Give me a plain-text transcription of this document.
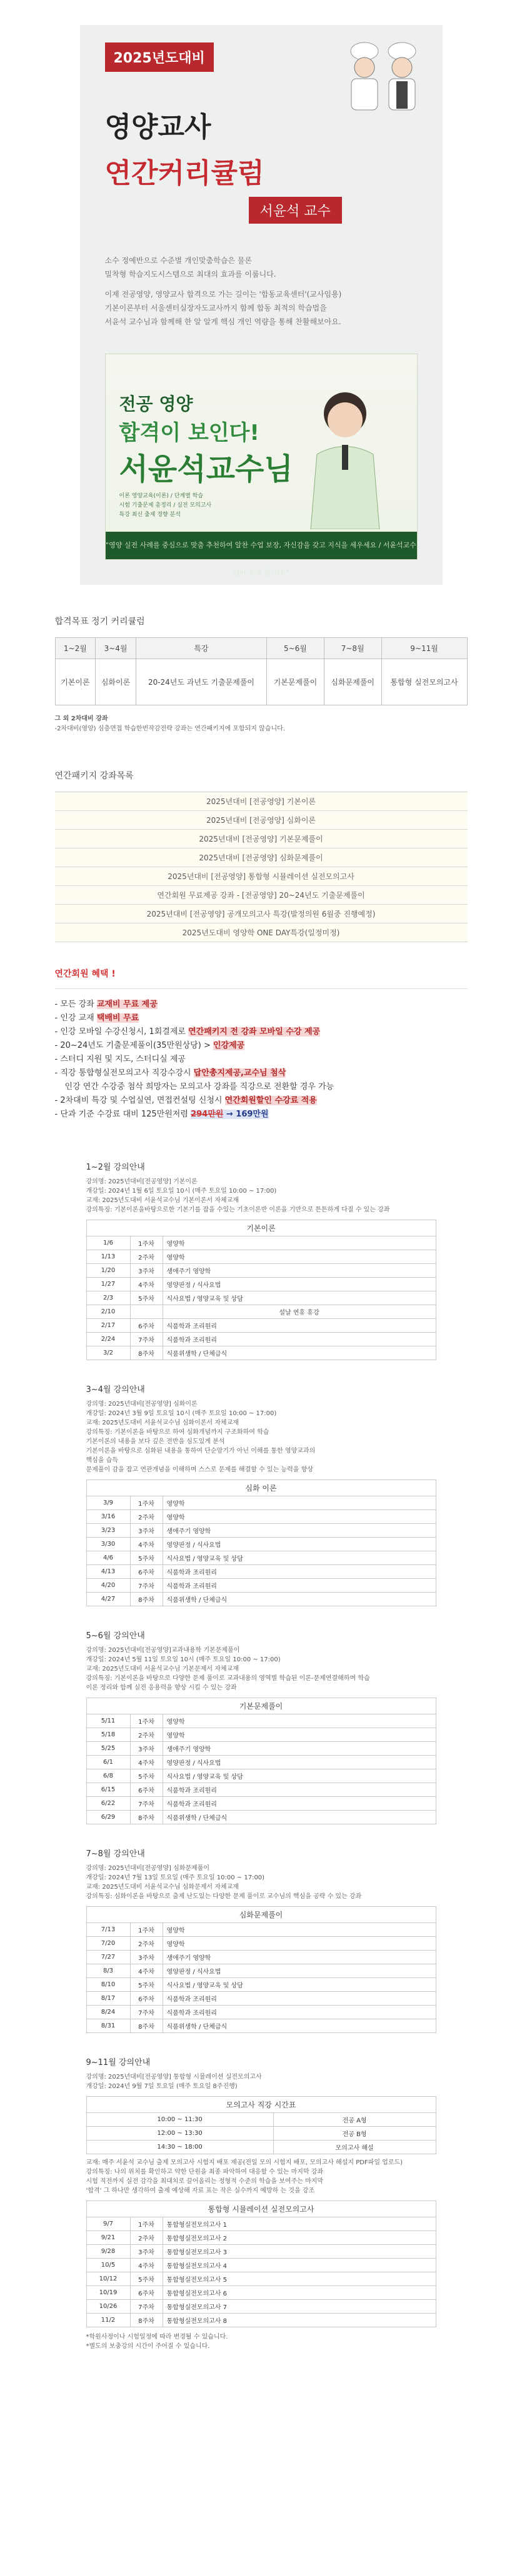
2025년도대비
영양교사
연간커리큘럼
서윤석 교수
소수 정예반으로 수준별 개인맞춤학습은 물론
밀착형 학습지도시스템으로 최대의 효과를 이룹니다.
이제 전공영양, 영양교사 합격으로 가는 길이는 '합동교육센터'(교사임용)
기본이론부터 서울센터실장자도교사까지 함께 합동 최적의 학습법을
서윤석 교수님과 함께해 한 알 알게 핵심 개인 역량을 통해 찬활해보아요.
전공 영양
합격이 보인다!
서윤석교수님
이론 영양교육(이론) / 단계별 학습
시험 기출문제 총정리 / 실전 모의고사
특강 최신 출제 경향 분석
"영양 실전 사례를 중심으로 맞춤 추천하여 알찬 수업 보장, 자신감을 갖고 지식을 세우세요 / 서윤석교수님이 함께 합니다."
합격목표 정기 커리큘럼
1~2월	3~4월	특강	5~6월	7~8월	9~11월
기본이론	심화이론	20-24년도 과년도 기출문제풀이	기본문제풀이	심화문제풀이	통합형 실전모의고사
그 외 2차대비 강좌
-2차대비(영양) 심층면접 학습한번작감전략 강좌는 연간패키지에 포함되지 않습니다.
연간패키지 강좌목록
2025년대비 [전공영양] 기본이론
2025년대비 [전공영양] 심화이론
2025년대비 [전공영양] 기본문제풀이
2025년대비 [전공영양] 심화문제풀이
2025년대비 [전공영양] 통합형 시뮬레이션 실전모의고사
연간회원 무료제공 강좌 - [전공영양] 20~24년도 기출문제풀이
2025년대비 [전공영양] 공개모의고사 특강(발정의원 6월중 진행예정)
2025년도대비 영양학 ONE DAY특강(일정미정)
연간회원 혜택 !
- 모든 강좌 교재비 무료 제공
- 인강 교재 택배비 무료
- 인강 모바일 수강신청시, 1회결제로 연간패키지 전 강좌 모바일 수강 제공
- 20~24년도 기출문제풀이(35만원상당) > 인강제공
- 스터디 지원 및 지도, 스터디실 제공
- 직강 통합형실전모의고사 직강수강시 답안총지제공,교수님 첨삭
인강 연간 수강중 첨삭 희망자는 모의고사 강좌를 직강으로 전환할 경우 가능
- 2차대비 특강 및 수업실연, 면접컨설팅 신청시 연간회원할인 수강료 적용
- 단과 기준 수강료 대비 125만원저렴 294만원 → 169만원
1~2월 강의안내
강의명: 2025년대비[전공영양] 기본이론
개강일: 2024년 1월 6일 토요일 10시 (매주 토요일 10:00 ~ 17:00)
교재: 2025년도대비 서윤석교수님 기본이론서 자체교재
강의특징: 기본이론을바탕으로한 기본기를 잡을 수있는 기초이론반 이론을 기반으로 튼튼하게 다질 수 있는 강좌
기본이론		
1/6	1주차	영양학
1/13	2주차	영양학
1/20	3주차	생애주기 영양학
1/27	4주차	영양판정 / 식사요법
2/3	5주차	식사요법 / 영양교육 및 상담
2/10		설날 연휴 휴강
2/17	6주차	식품학과 조리원리
2/24	7주차	식품학과 조리원리
3/2	8주차	식품위생학 / 단체급식
3~4월 강의안내
강의명: 2025년대비[전공영양] 심화이론
개강일: 2024년 3월 9일 토요일 10시 (매주 토요일 10:00 ~ 17:00)
교재: 2025년도대비 서윤석교수님 심화이론서 자체교재
강의특징: 기본이론을 바탕으로 하여 심화개념까지 구조화하여 학습
기본이론의 내용을 보다 깊은 전반을 심도있게 분석
기본이론을 바탕으로 심화된 내용을 통하여 단순암기가 아닌 이해를 통한 영양교과의
핵심을 습득
문제풀이 감을 잡고 연관개념을 이해하며 스스로 문제를 해결할 수 있는 능력을 향상
심화 이론		
3/9	1주차	영양학
3/16	2주차	영양학
3/23	3주차	생애주기 영양학
3/30	4주차	영양판정 / 식사요법
4/6	5주차	식사요법 / 영양교육 및 상담
4/13	6주차	식품학과 조리원리
4/20	7주차	식품학과 조리원리
4/27	8주차	식품위생학 / 단체급식
5~6월 강의안내
강의명: 2025년대비[전공영양]교과내용학 기본문제풀이
개강일: 2024년 5월 11일 토요일 10시 (매주 토요일 10:00 ~ 17:00)
교재: 2025년도대비 서윤석교수님 기본문제서 자체교재
강의특징: 기본이론을 바탕으로 다양한 문제 풀이로 교과내용의 영역별 학습된 이론-문제연결해하며 학습
이론 정리와 함께 실전 응용력을 향상 시킬 수 있는 강좌
기본문제풀이		
5/11	1주차	영양학
5/18	2주차	영양학
5/25	3주차	생애주기 영양학
6/1	4주차	영양판정 / 식사요법
6/8	5주차	식사요법 / 영양교육 및 상담
6/15	6주차	식품학과 조리원리
6/22	7주차	식품학과 조리원리
6/29	8주차	식품위생학 / 단체급식
7~8월 강의안내
강의명: 2025년대비[전공영양] 심화문제풀이
개강일: 2024년 7월 13일 토요일 (매주 토요일 10:00 ~ 17:00)
교재: 2025년도대비 서윤석교수님 심화문제서 자체교재
강의특징: 심화이론을 바탕으로 출제 난도있는 다양한 문제 풀이로 교수님의 핵심을 공략 수 있는 강좌
심화문제풀이		
7/13	1주차	영양학
7/20	2주차	영양학
7/27	3주차	생애주기 영양학
8/3	4주차	영양판정 / 식사요법
8/10	5주차	식사요법 / 영양교육 및 상담
8/17	6주차	식품학과 조리원리
8/24	7주차	식품학과 조리원리
8/31	8주차	식품위생학 / 단체급식
9~11월 강의안내
강의명: 2025년대비[전공영양] 통합형 시뮬레이션 실전모의고사
개강일: 2024년 9월 7일 토요일 (매주 토요일 8주진행)
모의고사 직강 시간표	
10:00 ~ 11:30	전공 A형
12:00 ~ 13:30	전공 B형
14:30 ~ 18:00	모의고사 해설
교재: 매주 서윤석 교수님 출제 모의고사 시험지 배포 제공(전일 모의 시험지 배포, 모의고사 해설지 PDF파일 업로드)
강의특징: 나의 위치를 확인하고 약한 단원을 최종 파악하여 대응할 수 있는 마지막 강좌
시험 직전까지 실전 감각을 최대치로 끌어올리는 정형적 수준의 학습을 보여주는 마지막
'합격' 그 하나만 생각하여 출제 예상해 자료 표는 작은 실수까지 예방하 는 것을 강조
통합형 시뮬레이션 실전모의고사		
9/7	1주차	통합형실전모의고사 1
9/21	2주차	통합형실전모의고사 2
9/28	3주차	통합형실전모의고사 3
10/5	4주차	통합형실전모의고사 4
10/12	5주차	통합형실전모의고사 5
10/19	6주차	통합형실전모의고사 6
10/26	7주차	통합형실전모의고사 7
11/2	8주차	통합형실전모의고사 8
*학원사정이나 시험일정에 따라 변경될 수 있습니다.
*별도의 보충강의 시간이 주어질 수 있습니다.
